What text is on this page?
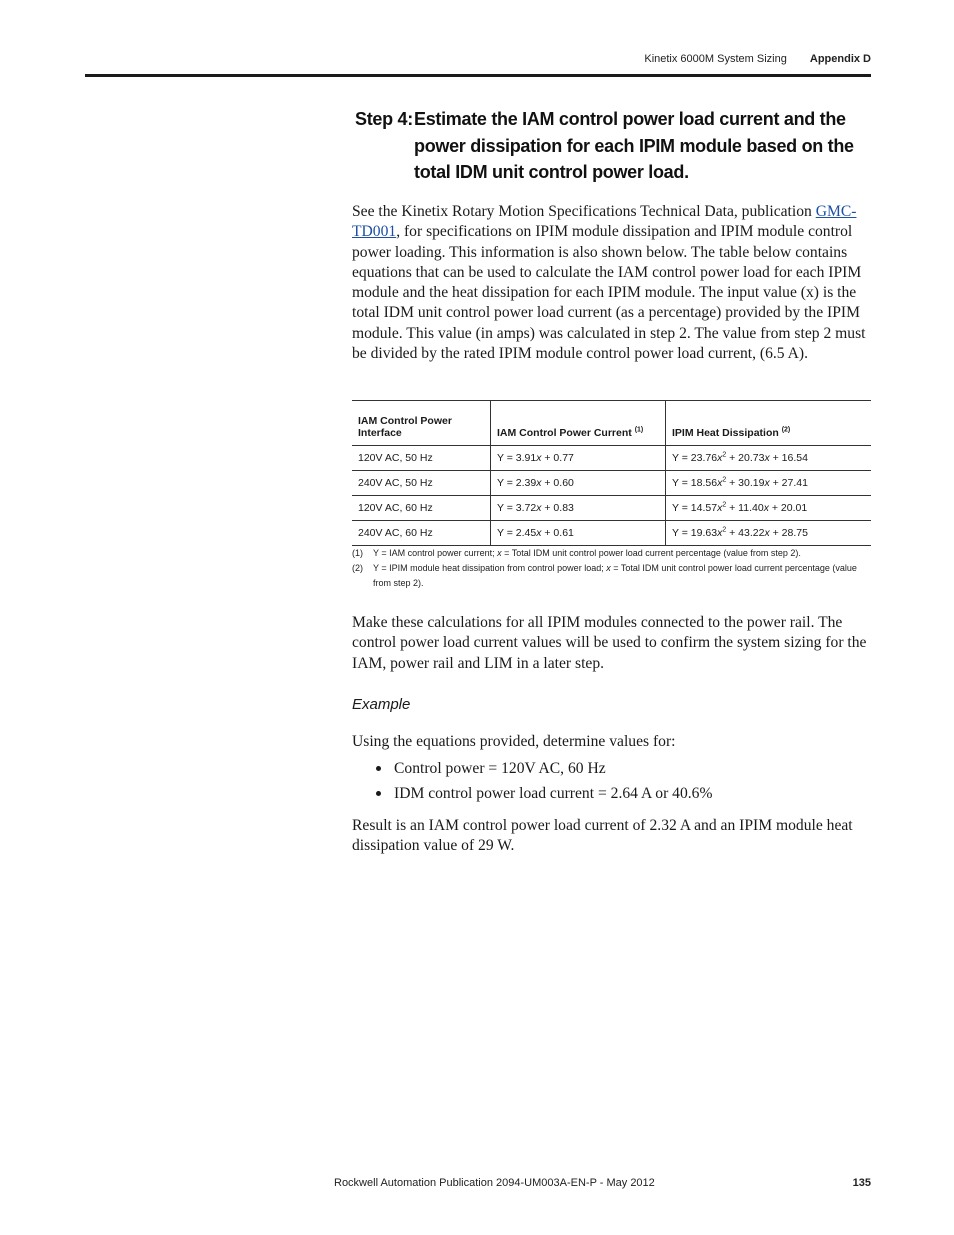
Kinetix 6000M System Sizing Appendix D
Step 4: Estimate the IAM control power load current and the power dissipation for each IPIM module based on the total IDM unit control power load.
See the Kinetix Rotary Motion Specifications Technical Data, publication GMC-TD001, for specifications on IPIM module dissipation and IPIM module control power loading. This information is also shown below. The table below contains equations that can be used to calculate the IAM control power load for each IPIM module and the heat dissipation for each IPIM module. The input value (x) is the total IDM unit control power load current (as a percentage) provided by the IPIM module. This value (in amps) was calculated in step 2. The value from step 2 must be divided by the rated IPIM module control power load current, (6.5 A).
IAM Control Power Interface	IAM Control Power Current $^{(1)}$	IPIM Heat Dissipation $^{(2)}$
120V AC, 50 Hz	Y = 3.91x + 0.77	$Y = 23.76x^2 + 20.73x + 16.54$
240V AC, 50 Hz	Y = 2.39x + 0.60	$Y = 18.56x^2 + 30.19x + 27.41$
120V AC, 60 Hz	Y = 3.72x + 0.83	$Y = 14.57x^2 + 11.40x + 20.01$
240V AC, 60 Hz	Y = 2.45x + 0.61	$Y = 19.63x^2 + 43.22x + 28.75$
(1)	Y = IAM control power current; x = Total IDM unit control power load current percentage (value from step 2).
(2)	Y = IPIM module heat dissipation from control power load; x = Total IDM unit control power load current percentage (value from step 2).
Make these calculations for all IPIM modules connected to the power rail. The control power load current values will be used to confirm the system sizing for the IAM, power rail and LIM in a later step.
Example
Using the equations provided, determine values for:
Control power = 120V AC, 60 Hz
IDM control power load current = 2.64 A or 40.6%
Result is an IAM control power load current of 2.32 A and an IPIM module heat dissipation value of 29 W.
Rockwell Automation Publication 2094-UM003A-EN-P - May 2012	135
